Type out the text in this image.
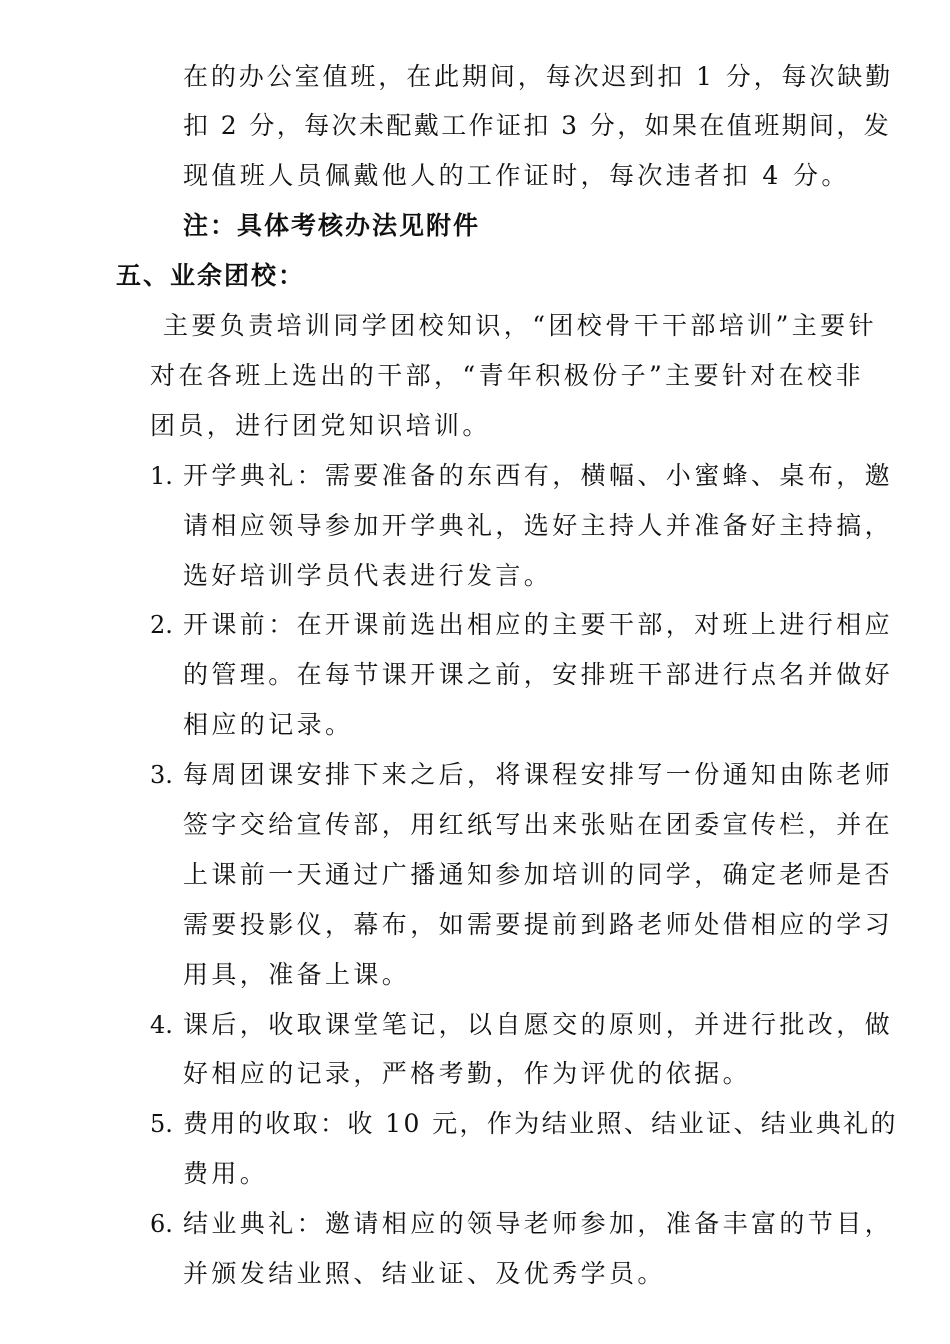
在的办公室值班，在此期间，每次迟到扣 1 分，每次缺勤
扣 2 分，每次未配戴工作证扣 3 分，如果在值班期间，发
现值班人员佩戴他人的工作证时，每次违者扣 4 分。
注：具体考核办法见附件
五、业余团校：
主要负责培训同学团校知识，“团校骨干干部培训”主要针
对在各班上选出的干部，“青年积极份子”主要针对在校非
团员，进行团党知识培训。
1. 开学典礼：需要准备的东西有，横幅、小蜜蜂、桌布，邀
请相应领导参加开学典礼，选好主持人并准备好主持搞，
选好培训学员代表进行发言。
2. 开课前：在开课前选出相应的主要干部，对班上进行相应
的管理。在每节课开课之前，安排班干部进行点名并做好
相应的记录。
3. 每周团课安排下来之后，将课程安排写一份通知由陈老师
签字交给宣传部，用红纸写出来张贴在团委宣传栏，并在
上课前一天通过广播通知参加培训的同学，确定老师是否
需要投影仪，幕布，如需要提前到路老师处借相应的学习
用具，准备上课。
4. 课后，收取课堂笔记，以自愿交的原则，并进行批改，做
好相应的记录，严格考勤，作为评优的依据。
5. 费用的收取：收 10 元，作为结业照、结业证、结业典礼的
费用。
6. 结业典礼：邀请相应的领导老师参加，准备丰富的节目，
并颁发结业照、结业证、及优秀学员。
